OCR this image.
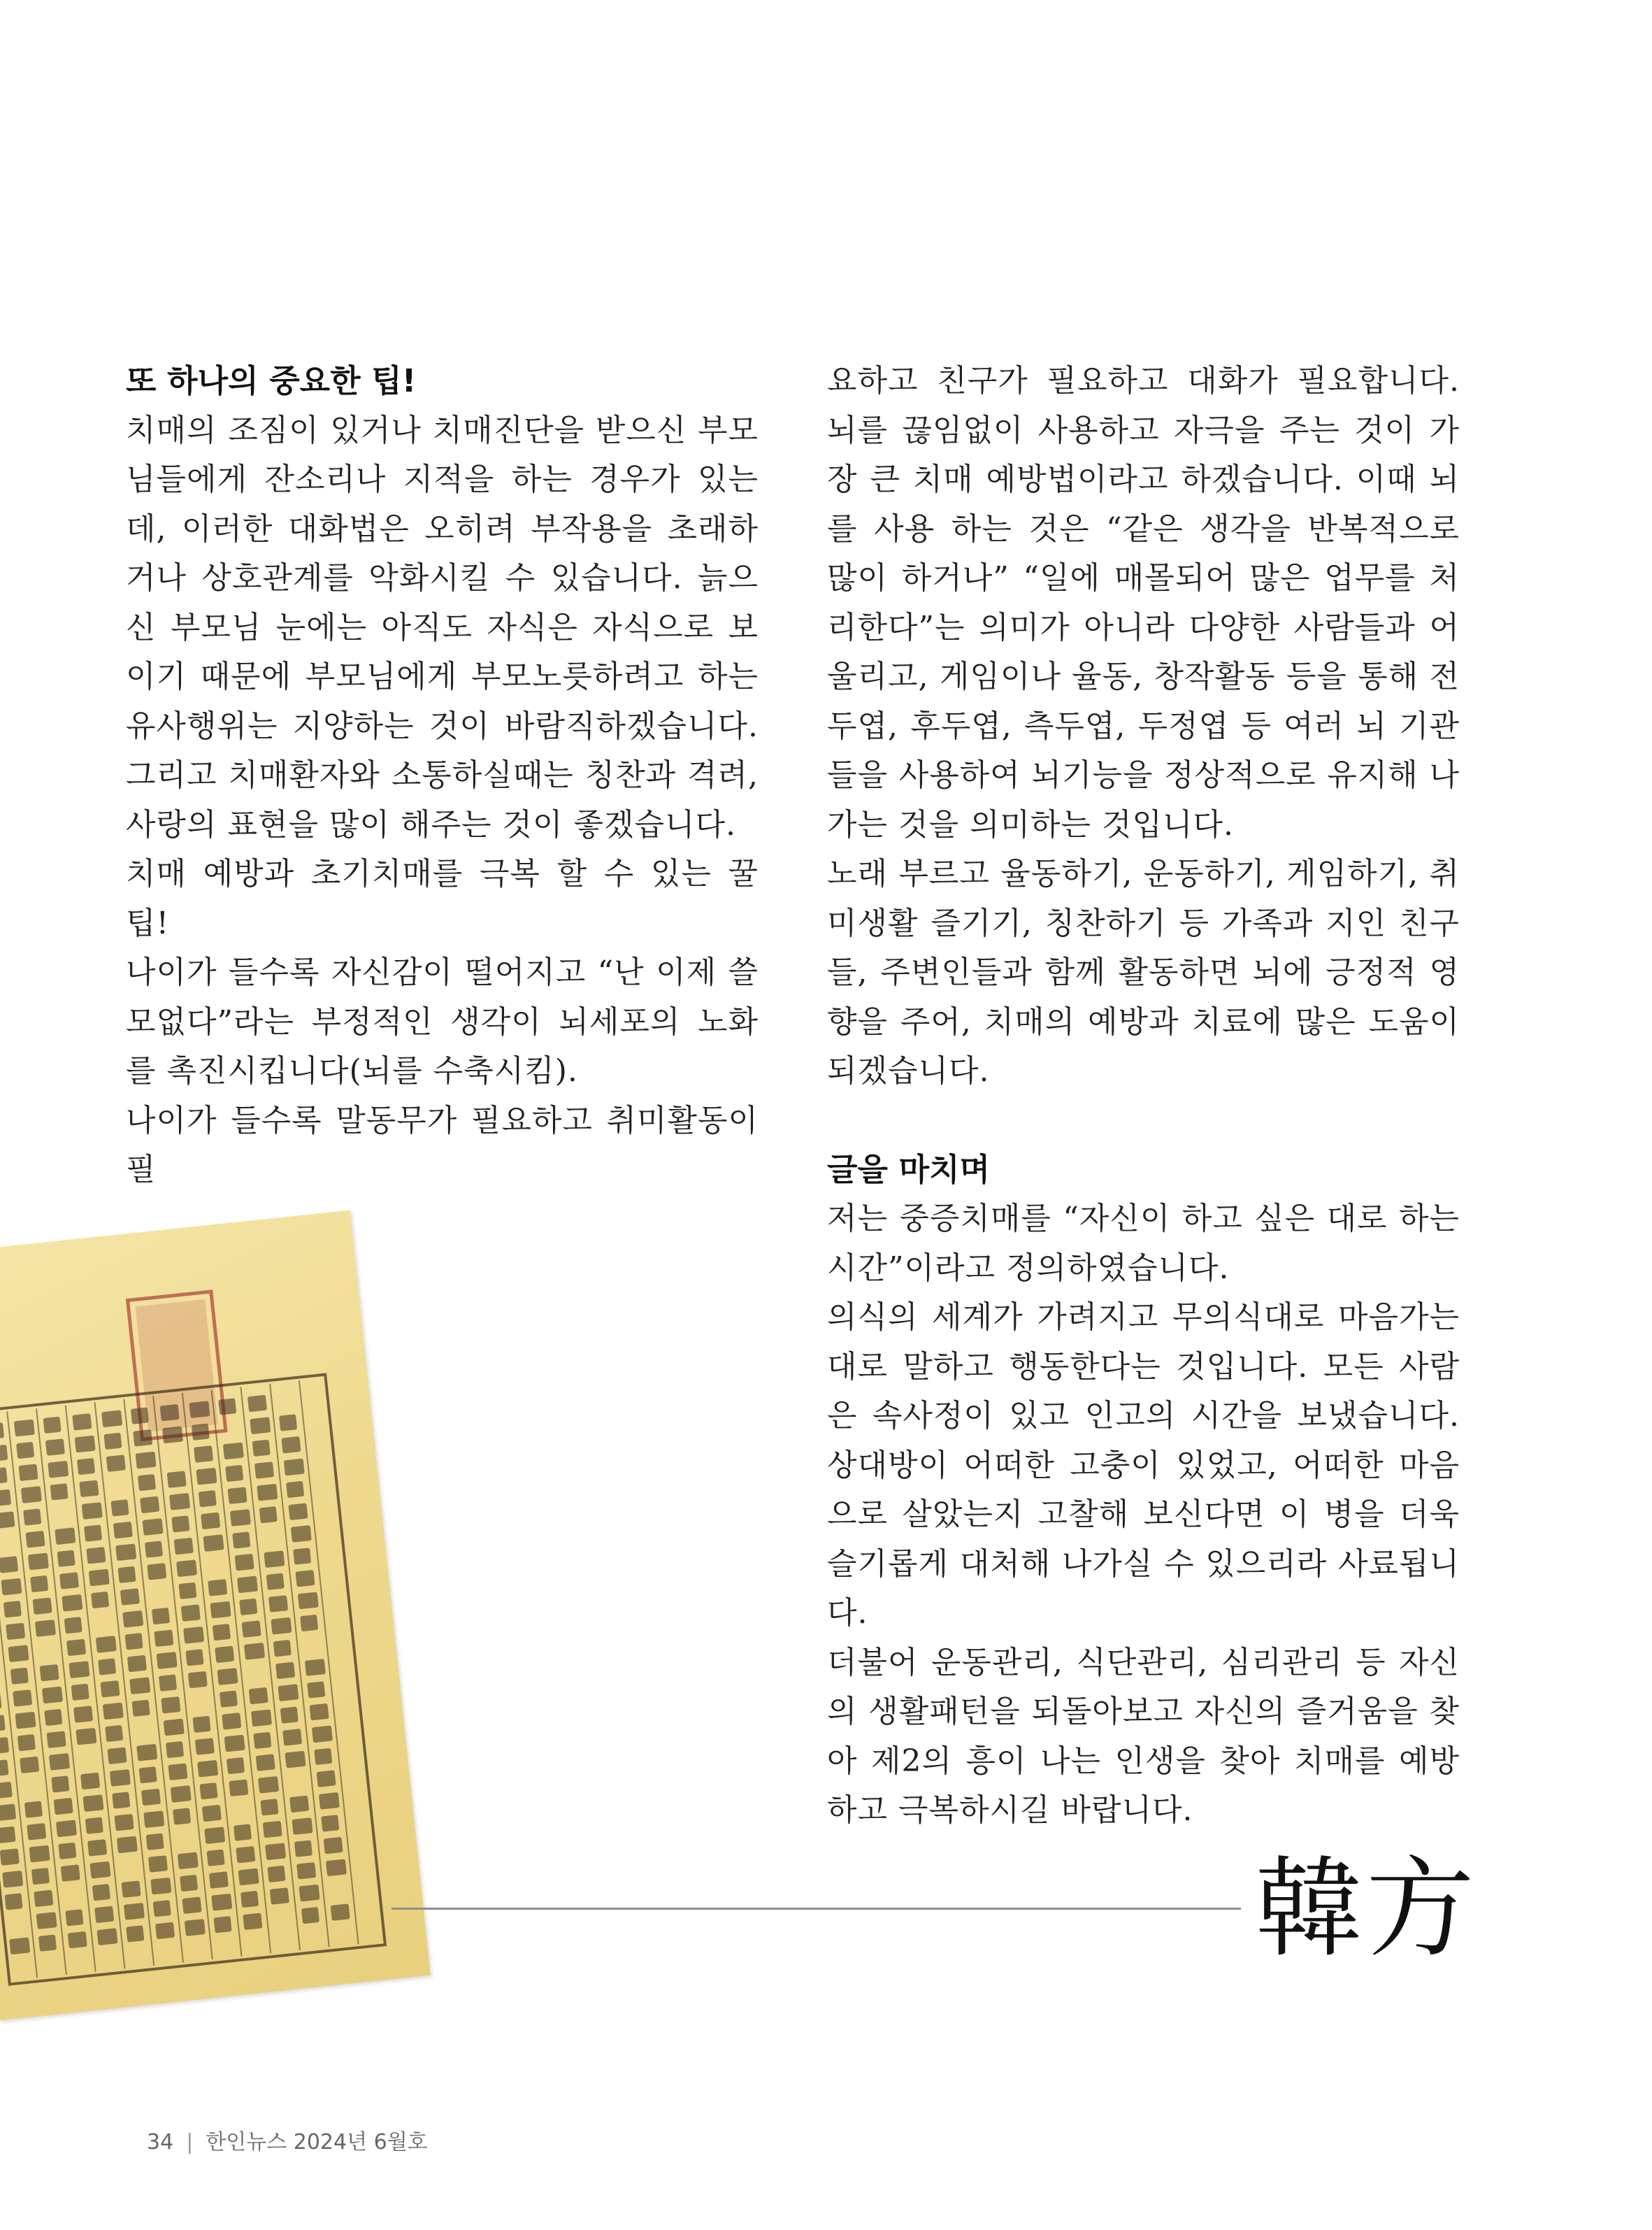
또 하나의 중요한 팁!

치매의 조짐이 있거나 치매진단을 받으신 부모님들에게 잔소리나 지적을 하는 경우가 있는데, 이러한 대화법은 오히려 부작용을 초래하거나 상호관계를 악화시킬 수 있습니다. 늙으신 부모님 눈에는 아직도 자식은 자식으로 보이기 때문에 부모님에게 부모노릇하려고 하는 유사행위는 지양하는 것이 바람직하겠습니다. 그리고 치매환자와 소통하실때는 칭찬과 격려, 사랑의 표현을 많이 해주는 것이 좋겠습니다.

치매 예방과 초기치매를 극복 할 수 있는 꿀팁!

나이가 들수록 자신감이 떨어지고 “난 이제 쓸모없다”라는 부정적인 생각이 뇌세포의 노화를 촉진시킵니다(뇌를 수축시킴).

나이가 들수록 말동무가 필요하고 취미활동이 필

요하고 친구가 필요하고 대화가 필요합니다. 뇌를 끊임없이 사용하고 자극을 주는 것이 가장 큰 치매 예방법이라고 하겠습니다. 이때 뇌를 사용 하는 것은 “같은 생각을 반복적으로 많이 하거나” “일에 매몰되어 많은 업무를 처리한다”는 의미가 아니라 다양한 사람들과 어울리고, 게임이나 율동, 창작활동 등을 통해 전두엽, 후두엽, 측두엽, 두정엽 등 여러 뇌 기관들을 사용하여 뇌기능을 정상적으로 유지해 나가는 것을 의미하는 것입니다.

노래 부르고 율동하기, 운동하기, 게임하기, 취미생활 즐기기, 칭찬하기 등 가족과 지인 친구들, 주변인들과 함께 활동하면 뇌에 긍정적 영향을 주어, 치매의 예방과 치료에 많은 도움이 되겠습니다.

글을 마치며

저는 중증치매를 “자신이 하고 싶은 대로 하는 시간”이라고 정의하였습니다.

의식의 세계가 가려지고 무의식대로 마음가는대로 말하고 행동한다는 것입니다. 모든 사람은 속사정이 있고 인고의 시간을 보냈습니다. 상대방이 어떠한 고충이 있었고, 어떠한 마음으로 살았는지 고찰해 보신다면 이 병을 더욱 슬기롭게 대처해 나가실 수 있으리라 사료됩니다.

더불어 운동관리, 식단관리, 심리관리 등 자신의 생활패턴을 되돌아보고 자신의 즐거움을 찾아 제2의 흥이 나는 인생을 찾아 치매를 예방하고 극복하시길 바랍니다.

韓方
34 | 한인뉴스 2024년 6월호
